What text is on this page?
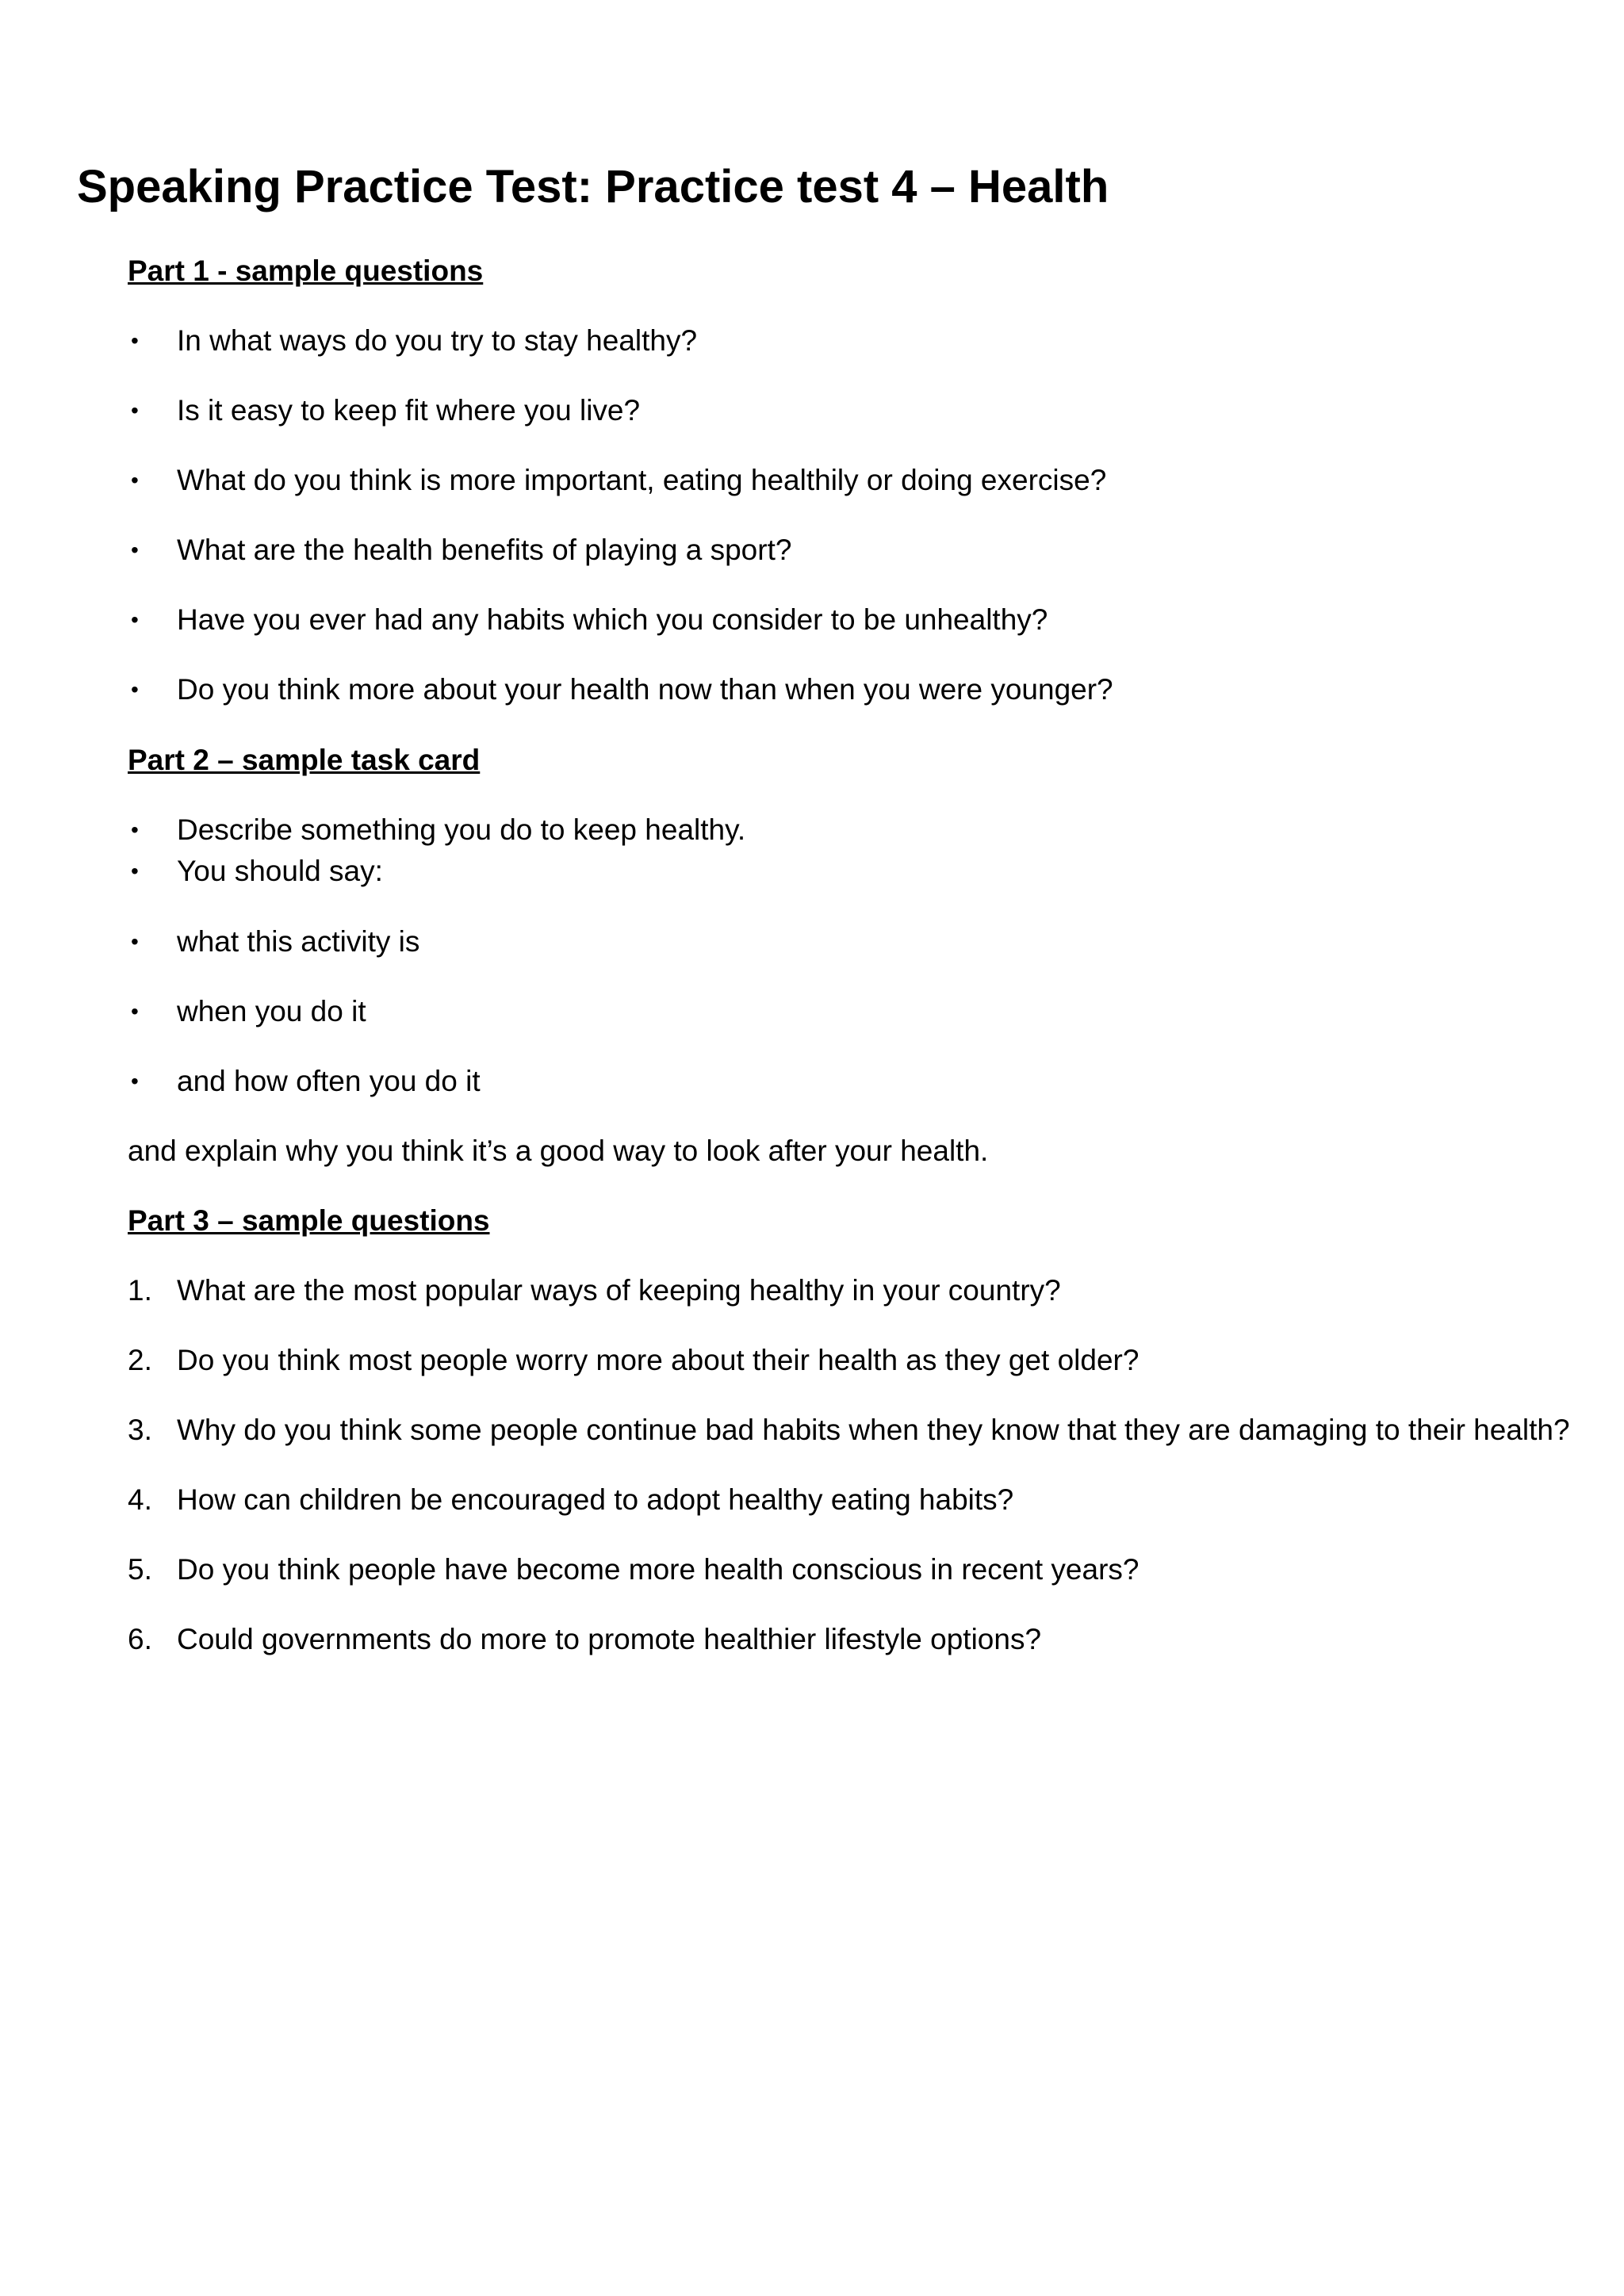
Speaking Practice Test: Practice test 4 – Health
Part 1 - sample questions
•	In what ways do you try to stay healthy?
•	Is it easy to keep fit where you live?
•	What do you think is more important, eating healthily or doing exercise?
•	What are the health benefits of playing a sport?
•	Have you ever had any habits which you consider to be unhealthy?
•	Do you think more about your health now than when you were younger?
Part 2 – sample task card
•	Describe something you do to keep healthy.
•	You should say:
•	what this activity is
•	when you do it
•	and how often you do it

and explain why you think it’s a good way to look after your health.

Part 3 – sample questions
1. What are the most popular ways of keeping healthy in your country?
2. Do you think most people worry more about their health as they get older?
3. Why do you think some people continue bad habits when they know that they are damaging to their health?
4. How can children be encouraged to adopt healthy eating habits?
5. Do you think people have become more health conscious in recent years?
6. Could governments do more to promote healthier lifestyle options?
